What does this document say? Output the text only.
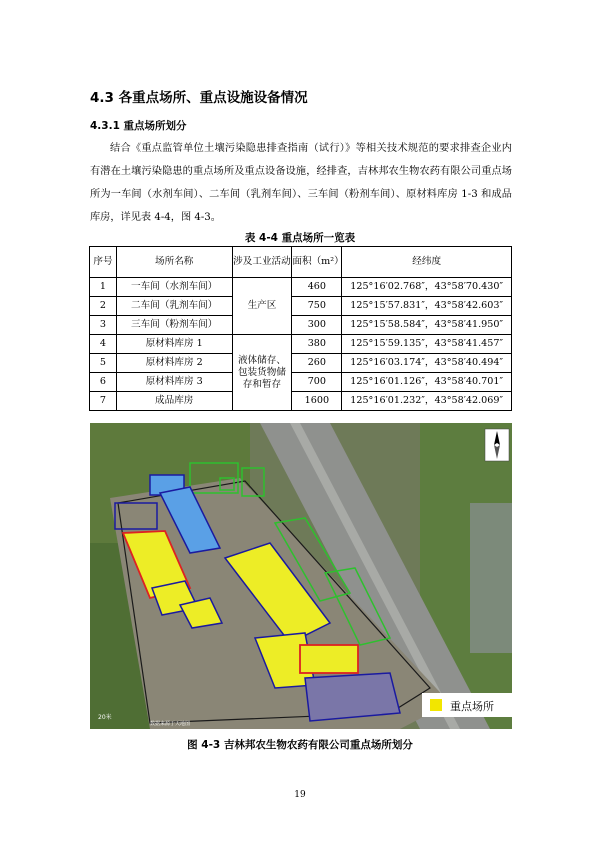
4.3 各重点场所、重点设施设备情况
4.3.1 重点场所划分

结合《重点监管单位土壤污染隐患排查指南（试行）》等相关技术规范的要求排查企业内有潜在土壤污染隐患的重点场所及重点设备设施，经排查，吉林邦农生物农药有限公司重点场所为一车间（水剂车间）、二车间（乳剂车间）、三车间（粉剂车间）、原材料库房 1-3 和成品库房，详见表 4-4，图 4-3。

表 4-4 重点场所一览表
序号	场所名称	涉及工业活动	面积（m²）	经纬度
1	一车间（水剂车间）	生产区	460	125°16′02.768″，43°58′70.430″
2	二车间（乳剂车间）		750	125°15′57.831″，43°58′42.603″
3	三车间（粉剂车间）		300	125°15′58.584″，43°58′41.950″
4	原材料库房 1	液体储存、包装货物储存和暂存	380	125°15′59.135″，43°58′41.457″
5	原材料库房 2		260	125°16′03.174″，43°58′40.494″
6	原材料库房 3		700	125°16′01.126″，43°58′40.701″
7	成品库房		1600	125°16′01.232″，43°58′42.069″
重点场所
20米
数据来源于天地图
图 4-3 吉林邦农生物农药有限公司重点场所划分
19
